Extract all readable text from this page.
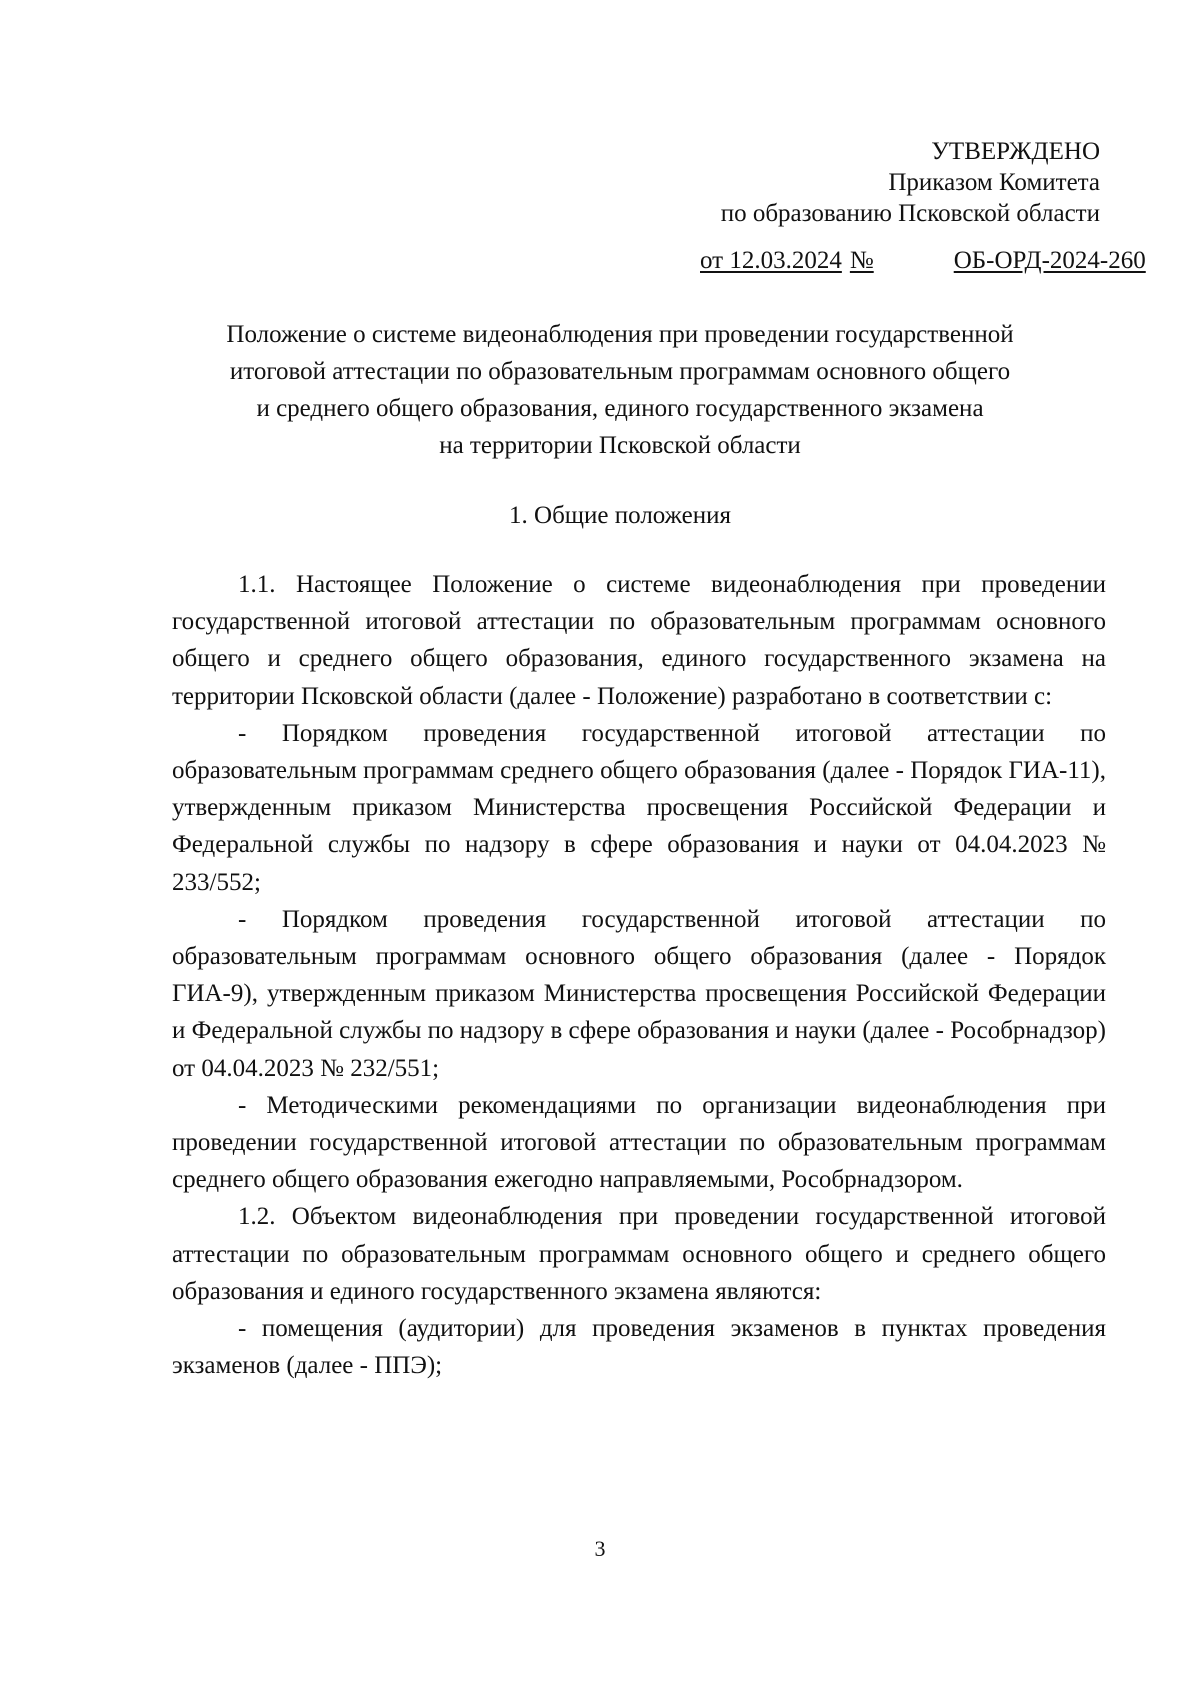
УТВЕРЖДЕНО
Приказом Комитета
по образованию Псковской области
от 12.03.2024 №	ОБ-ОРД-2024-260
Положение о системе видеонаблюдения при проведении государственной
итоговой аттестации по образовательным программам основного общего
и среднего общего образования, единого государственного экзамена
на территории Псковской области
1. Общие положения

1.1. Настоящее Положение о системе видеонаблюдения при проведении государственной итоговой аттестации по образовательным программам основного общего и среднего общего образования, единого государственного экзамена на территории Псковской области (далее - Положение) разработано в соответствии с:

- Порядком проведения государственной итоговой аттестации по образовательным программам среднего общего образования (далее - Порядок ГИА-11), утвержденным приказом Министерства просвещения Российской Федерации и Федеральной службы по надзору в сфере образования и науки от 04.04.2023 № 233/552;

- Порядком проведения государственной итоговой аттестации по образовательным программам основного общего образования (далее - Порядок ГИА-9), утвержденным приказом Министерства просвещения Российской Федерации и Федеральной службы по надзору в сфере образования и науки (далее - Рособрнадзор) от 04.04.2023 № 232/551;

- Методическими рекомендациями по организации видеонаблюдения при проведении государственной итоговой аттестации по образовательным программам среднего общего образования ежегодно направляемыми, Рособрнадзором.

1.2. Объектом видеонаблюдения при проведении государственной итоговой аттестации по образовательным программам основного общего и среднего общего образования и единого государственного экзамена являются:

- помещения (аудитории) для проведения экзаменов в пунктах проведения экзаменов (далее - ППЭ);

3
